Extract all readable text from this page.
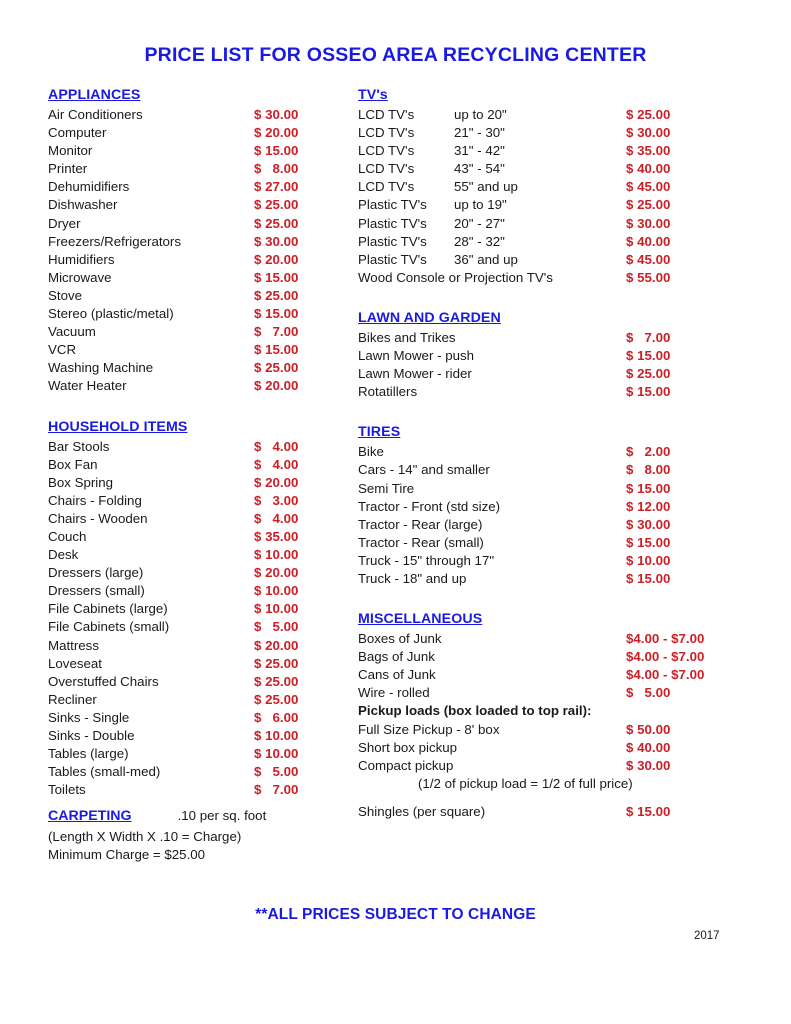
PRICE LIST FOR OSSEO AREA RECYCLING CENTER
APPLIANCES
Air Conditioners	$ 30.00
Computer	$ 20.00
Monitor	$ 15.00
Printer	$   8.00
Dehumidifiers	$ 27.00
Dishwasher	$ 25.00
Dryer	$ 25.00
Freezers/Refrigerators	$ 30.00
Humidifiers	$ 20.00
Microwave	$ 15.00
Stove	$ 25.00
Stereo (plastic/metal)	$ 15.00
Vacuum	$   7.00
VCR	$ 15.00
Washing Machine	$ 25.00
Water Heater	$ 20.00
HOUSEHOLD ITEMS
Bar Stools	$   4.00
Box Fan	$   4.00
Box Spring	$ 20.00
Chairs - Folding	$   3.00
Chairs - Wooden	$   4.00
Couch	$ 35.00
Desk	$ 10.00
Dressers (large)	$ 20.00
Dressers (small)	$ 10.00
File Cabinets (large)	$ 10.00
File Cabinets (small)	$   5.00
Mattress	$ 20.00
Loveseat	$ 25.00
Overstuffed Chairs	$ 25.00
Recliner	$ 25.00
Sinks - Single	$   6.00
Sinks - Double	$ 10.00
Tables (large)	$ 10.00
Tables (small-med)	$   5.00
Toilets	$   7.00
CARPETING	.10 per sq. foot
(Length X Width X .10 = Charge)
Minimum Charge = $25.00
TV's
LCD TV's	up to 20"	$ 25.00
LCD TV's	21" - 30"	$ 30.00
LCD TV's	31" - 42"	$ 35.00
LCD TV's	43" - 54"	$ 40.00
LCD TV's	55" and up	$ 45.00
Plastic TV's	up to 19"	$ 25.00
Plastic TV's	20" - 27"	$ 30.00
Plastic TV's	28" - 32"	$ 40.00
Plastic TV's	36" and up	$ 45.00
Wood Console or Projection TV's	$ 55.00
LAWN AND GARDEN
Bikes and Trikes	$   7.00
Lawn Mower - push	$ 15.00
Lawn Mower - rider	$ 25.00
Rotatillers	$ 15.00
TIRES
Bike	$   2.00
Cars - 14" and smaller	$   8.00
Semi Tire	$ 15.00
Tractor - Front (std size)	$ 12.00
Tractor - Rear (large)	$ 30.00
Tractor - Rear (small)	$ 15.00
Truck - 15" through 17"	$ 10.00
Truck - 18" and up	$ 15.00
MISCELLANEOUS
Boxes of Junk	$4.00 - $7.00
Bags of Junk	$4.00 - $7.00
Cans of Junk	$4.00 - $7.00
Wire - rolled	$   5.00
Pickup loads (box loaded to top rail):
Full Size Pickup - 8' box	$ 50.00
Short box pickup	$ 40.00
Compact pickup	$ 30.00
(1/2 of pickup load = 1/2 of full price)
Shingles (per square)	$ 15.00
**ALL PRICES SUBJECT TO CHANGE
2017
